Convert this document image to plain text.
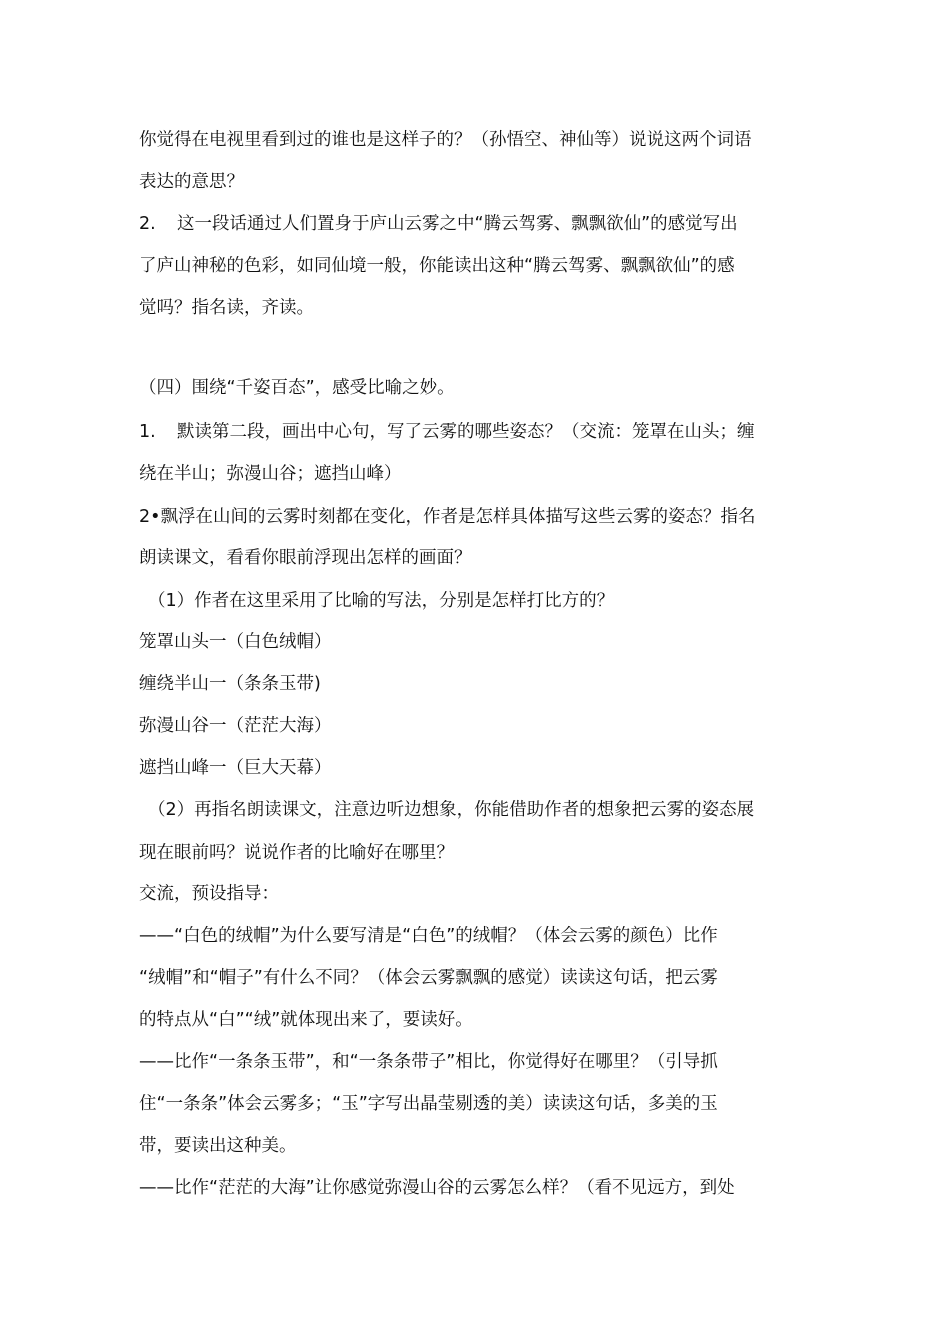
你觉得在电视里看到过的谁也是这样子的？（孙悟空、神仙等）说说这两个词语

表达的意思？

2. 这一段话通过人们置身于庐山云雾之中“腾云驾雾、飘飘欲仙”的感觉写出

了庐山神秘的色彩，如同仙境一般，你能读出这种“腾云驾雾、飘飘欲仙”的感

觉吗？指名读，齐读。

（四）围绕“千姿百态”，感受比喻之妙。

1. 默读第二段，画出中心句，写了云雾的哪些姿态？（交流：笼罩在山头；缠

绕在半山；弥漫山谷；遮挡山峰）

2•飘浮在山间的云雾时刻都在变化，作者是怎样具体描写这些云雾的姿态？指名

朗读课文，看看你眼前浮现出怎样的画面？

（1）作者在这里采用了比喻的写法，分别是怎样打比方的？

笼罩山头一（白色绒帽）

缠绕半山一（条条玉带)

弥漫山谷一（茫茫大海）

遮挡山峰一（巨大天幕）

（2）再指名朗读课文，注意边听边想象，你能借助作者的想象把云雾的姿态展

现在眼前吗？说说作者的比喻好在哪里？

交流，预设指导：

——“白色的绒帽”为什么要写清是“白色”的绒帽？（体会云雾的颜色）比作

“绒帽”和“帽子”有什么不同？（体会云雾飘飘的感觉）读读这句话，把云雾

的特点从“白”“绒”就体现出来了，要读好。

——比作“一条条玉带”，和“一条条带子”相比，你觉得好在哪里？（引导抓

住“一条条”体会云雾多；“玉”字写出晶莹剔透的美）读读这句话，多美的玉

带，要读出这种美。

——比作“茫茫的大海”让你感觉弥漫山谷的云雾怎么样？（看不见远方，到处
